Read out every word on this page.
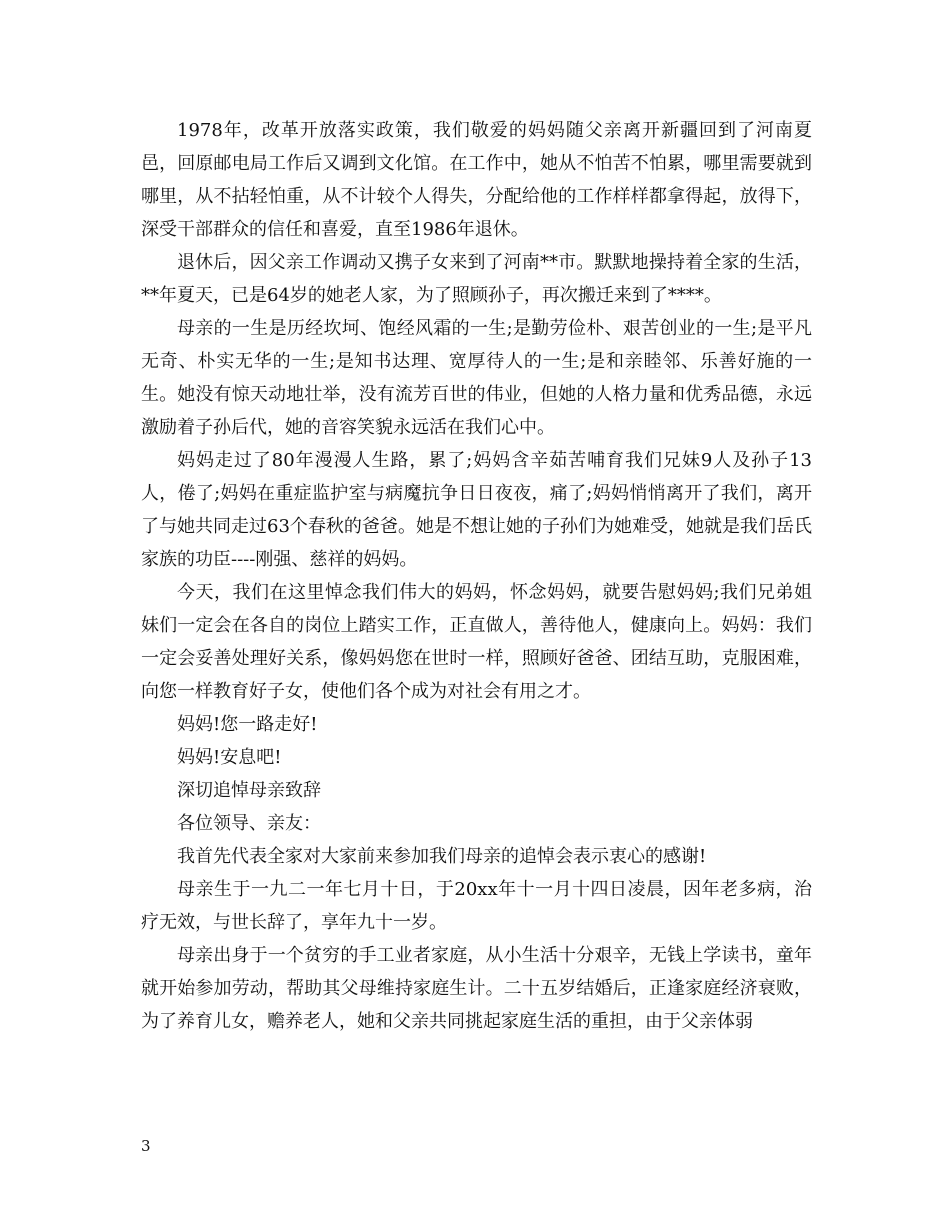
1978年，改革开放落实政策，我们敬爱的妈妈随父亲离开新疆回到了河南夏邑，回原邮电局工作后又调到文化馆。在工作中，她从不怕苦不怕累，哪里需要就到哪里，从不拈轻怕重，从不计较个人得失，分配给他的工作样样都拿得起，放得下，深受干部群众的信任和喜爱，直至1986年退休。

退休后，因父亲工作调动又携子女来到了河南**市。默默地操持着全家的生活，**年夏天，已是64岁的她老人家，为了照顾孙子，再次搬迁来到了****。

母亲的一生是历经坎坷、饱经风霜的一生;是勤劳俭朴、艰苦创业的一生;是平凡无奇、朴实无华的一生;是知书达理、宽厚待人的一生;是和亲睦邻、乐善好施的一生。她没有惊天动地壮举，没有流芳百世的伟业，但她的人格力量和优秀品德，永远激励着子孙后代，她的音容笑貌永远活在我们心中。

妈妈走过了80年漫漫人生路，累了;妈妈含辛茹苦哺育我们兄妹9人及孙子13人，倦了;妈妈在重症监护室与病魔抗争日日夜夜，痛了;妈妈悄悄离开了我们，离开了与她共同走过63个春秋的爸爸。她是不想让她的子孙们为她难受，她就是我们岳氏家族的功臣----刚强、慈祥的妈妈。

今天，我们在这里悼念我们伟大的妈妈，怀念妈妈，就要告慰妈妈;我们兄弟姐妹们一定会在各自的岗位上踏实工作，正直做人，善待他人，健康向上。妈妈：我们一定会妥善处理好关系，像妈妈您在世时一样，照顾好爸爸、团结互助，克服困难，向您一样教育好子女，使他们各个成为对社会有用之才。

妈妈!您一路走好!

妈妈!安息吧!

深切追悼母亲致辞

各位领导、亲友：

我首先代表全家对大家前来参加我们母亲的追悼会表示衷心的感谢!

母亲生于一九二一年七月十日，于20xx年十一月十四日凌晨，因年老多病，治疗无效，与世长辞了，享年九十一岁。

母亲出身于一个贫穷的手工业者家庭，从小生活十分艰辛，无钱上学读书，童年就开始参加劳动，帮助其父母维持家庭生计。二十五岁结婚后，正逢家庭经济衰败，为了养育儿女，赡养老人，她和父亲共同挑起家庭生活的重担，由于父亲体弱

3
